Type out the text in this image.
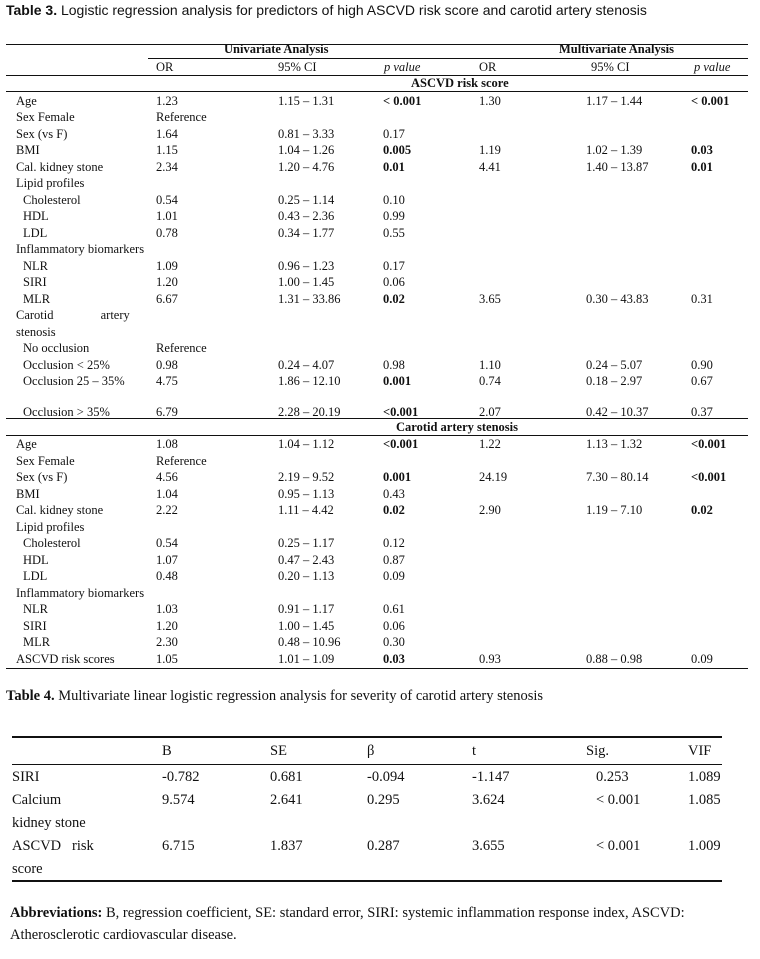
Table 3. Logistic regression analysis for predictors of high ASCVD risk score and carotid artery stenosis
Univariate Analysis	Multivariate Analysis
OR	95% CI	p value	OR	95% CI	p value
ASCVD risk score
Age	1.23	1.15 – 1.31	< 0.001	1.30	1.17 – 1.44	< 0.001
Sex Female	Reference
Sex (vs F)	1.64	0.81 – 3.33	0.17
BMI	1.15	1.04 – 1.26	0.005	1.19	1.02 – 1.39	0.03
Cal. kidney stone	2.34	1.20 – 4.76	0.01	4.41	1.40 – 13.87	0.01
Lipid profiles
Cholesterol	0.54	0.25 – 1.14	0.10
HDL	1.01	0.43 – 2.36	0.99
LDL	0.78	0.34 – 1.77	0.55
Inflammatory biomarkers
NLR	1.09	0.96 – 1.23	0.17
SIRI	1.20	1.00 – 1.45	0.06
MLR	6.67	1.31 – 33.86	0.02	3.65	0.30 – 43.83	0.31
Carotid artery
stenosis
No occlusion	Reference
Occlusion < 25%	0.98	0.24 – 4.07	0.98	1.10	0.24 – 5.07	0.90
Occlusion 25 – 35%	4.75	1.86 – 12.10	0.001	0.74	0.18 – 2.97	0.67
Occlusion > 35%	6.79	2.28 – 20.19	<0.001	2.07	0.42 – 10.37	0.37
Carotid artery stenosis
Age	1.08	1.04 – 1.12	<0.001	1.22	1.13 – 1.32	<0.001
Sex Female	Reference
Sex (vs F)	4.56	2.19 – 9.52	0.001	24.19	7.30 – 80.14	<0.001
BMI	1.04	0.95 – 1.13	0.43
Cal. kidney stone	2.22	1.11 – 4.42	0.02	2.90	1.19 – 7.10	0.02
Lipid profiles
Cholesterol	0.54	0.25 – 1.17	0.12
HDL	1.07	0.47 – 2.43	0.87
LDL	0.48	0.20 – 1.13	0.09
Inflammatory biomarkers
NLR	1.03	0.91 – 1.17	0.61
SIRI	1.20	1.00 – 1.45	0.06
MLR	2.30	0.48 – 10.96	0.30
ASCVD risk scores	1.05	1.01 – 1.09	0.03	0.93	0.88 – 0.98	0.09
Table 4. Multivariate linear logistic regression analysis for severity of carotid artery stenosis
B	SE	β	t	Sig.	VIF
SIRI	-0.782	0.681	-0.094	-1.147	0.253	1.089
Calcium	9.574	2.641	0.295	3.624	< 0.001	1.085
kidney stone
ASCVD   risk	6.715	1.837	0.287	3.655	< 0.001	1.009
score
Abbreviations: B, regression coefficient, SE: standard error, SIRI: systemic inflammation response index, ASCVD: Atherosclerotic cardiovascular disease.
